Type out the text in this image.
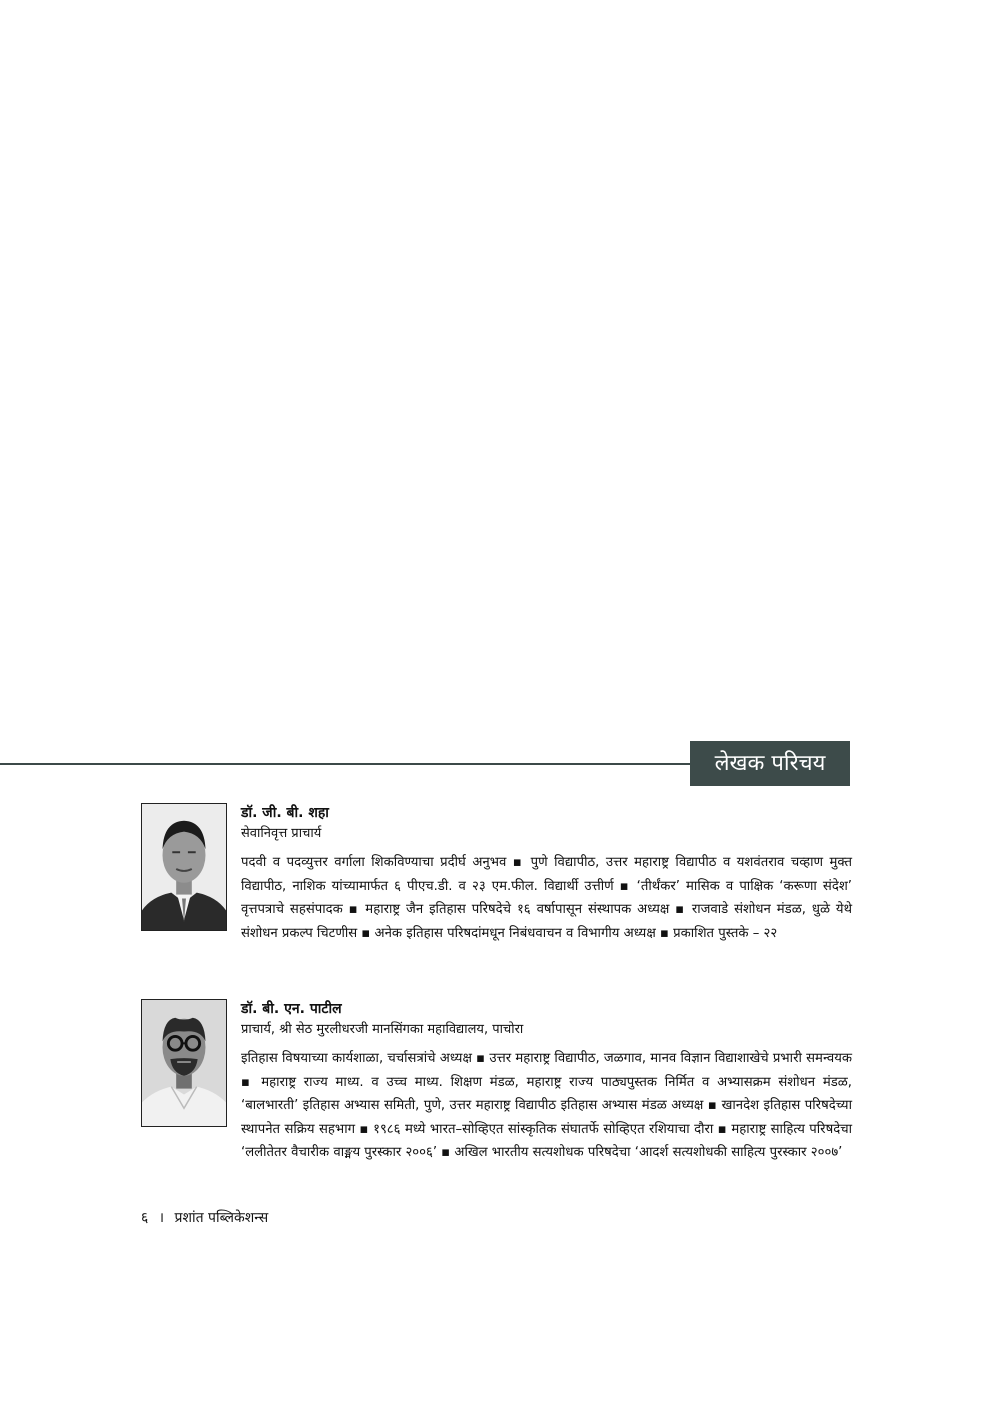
लेखक परिचय

डॉ. जी. बी. शहा

सेवानिवृत्त प्राचार्य

पदवी व पदव्युत्तर वर्गाला शिकविण्याचा प्रदीर्घ अनुभव ▪ पुणे विद्यापीठ, उत्तर महाराष्ट्र विद्यापीठ व यशवंतराव चव्हाण मुक्त विद्यापीठ, नाशिक यांच्यामार्फत ६ पीएच.डी. व २३ एम.फील. विद्यार्थी उत्तीर्ण ▪ ‘तीर्थंकर’ मासिक व पाक्षिक ‘करूणा संदेश’ वृत्तपत्राचे सहसंपादक ▪ महाराष्ट्र जैन इतिहास परिषदेचे १६ वर्षापासून संस्थापक अध्यक्ष ▪ राजवाडे संशोधन मंडळ, धुळे येथे संशोधन प्रकल्प चिटणीस ▪ अनेक इतिहास परिषदांमधून निबंधवाचन व विभागीय अध्यक्ष ▪ प्रकाशित पुस्तके – २२

डॉ. बी. एन. पाटील

प्राचार्य, श्री सेठ मुरलीधरजी मानसिंगका महाविद्यालय, पाचोरा

इतिहास विषयाच्या कार्यशाळा, चर्चासत्रांचे अध्यक्ष ▪ उत्तर महाराष्ट्र विद्यापीठ, जळगाव, मानव विज्ञान विद्याशाखेचे प्रभारी समन्वयक ▪ महाराष्ट्र राज्य माध्य. व उच्च माध्य. शिक्षण मंडळ, महाराष्ट्र राज्य पाठ्यपुस्तक निर्मित व अभ्यासक्रम संशोधन मंडळ, ‘बालभारती’ इतिहास अभ्यास समिती, पुणे, उत्तर महाराष्ट्र विद्यापीठ इतिहास अभ्यास मंडळ अध्यक्ष ▪ खानदेश इतिहास परिषदेच्या स्थापनेत सक्रिय सहभाग ▪ १९८६ मध्ये भारत–सोव्हिएत सांस्कृतिक संघातर्फे सोव्हिएत रशियाचा दौरा ▪ महाराष्ट्र साहित्य परिषदेचा ‘ललीतेतर वैचारीक वाङ्मय पुरस्कार २००६’ ▪ अखिल भारतीय सत्यशोधक परिषदेचा ‘आदर्श सत्यशोधकी साहित्य पुरस्कार २००७’

६ । प्रशांत पब्लिकेशन्स
